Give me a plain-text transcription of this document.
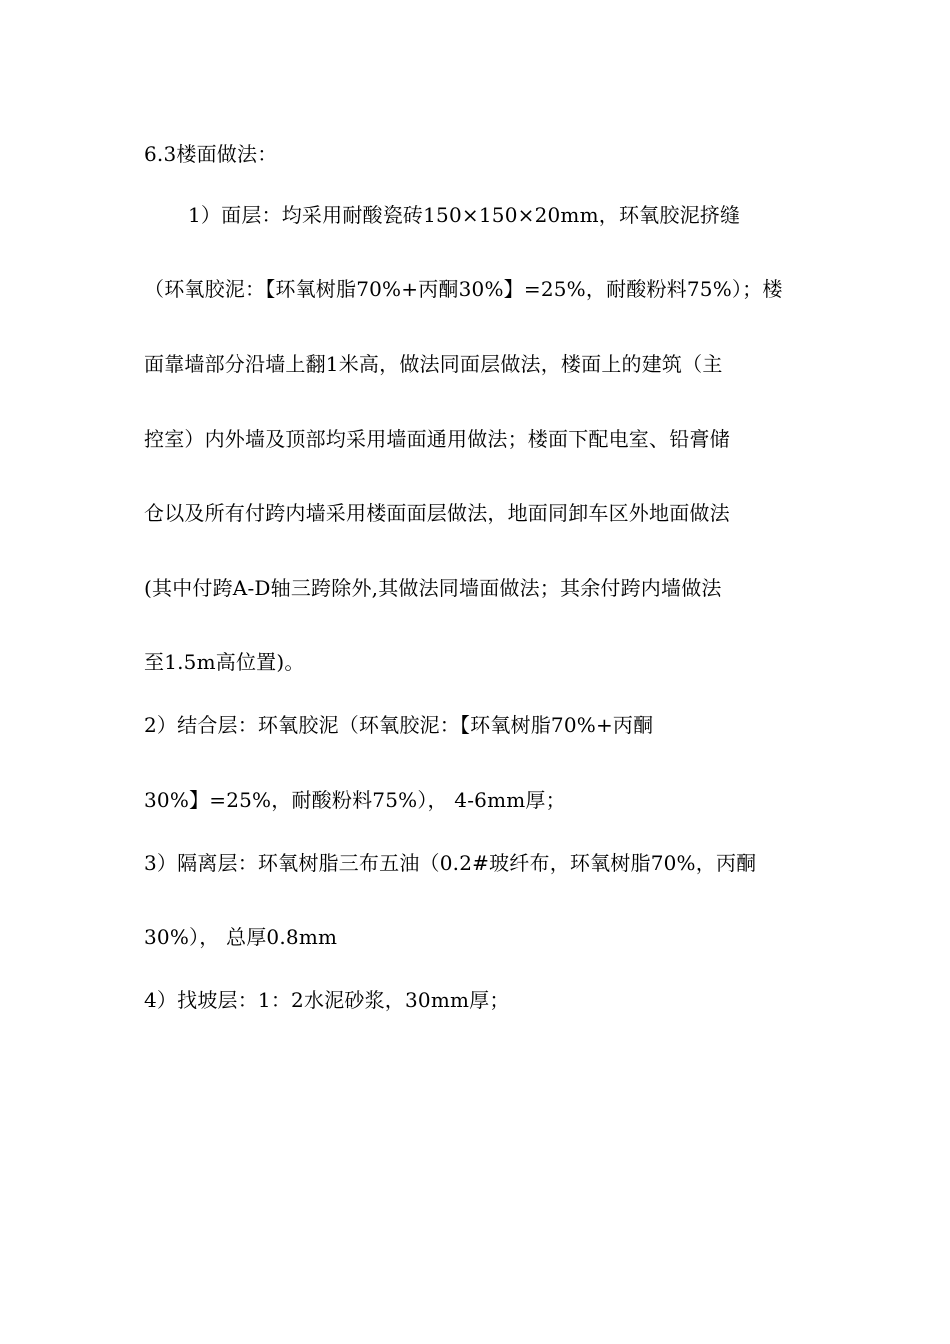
6.3楼面做法：
1）面层：均采用耐酸瓷砖150×150×20mm，环氧胶泥挤缝
（环氧胶泥：【环氧树脂70%+丙酮30%】=25%，耐酸粉料75%）；楼
面靠墙部分沿墙上翻1米高，做法同面层做法，楼面上的建筑（主
控室）内外墙及顶部均采用墙面通用做法；楼面下配电室、铅膏储
仓以及所有付跨内墙采用楼面面层做法，地面同卸车区外地面做法
(其中付跨A-D轴三跨除外,其做法同墙面做法；其余付跨内墙做法
至1.5m高位置)。
2）结合层：环氧胶泥（环氧胶泥：【环氧树脂70%+丙酮
30%】=25%，耐酸粉料75%）， 4-6mm厚；
3）隔离层：环氧树脂三布五油（0.2#玻纤布，环氧树脂70%，丙酮
30%）， 总厚0.8mm
4）找坡层：1：2水泥砂浆，30mm厚；
